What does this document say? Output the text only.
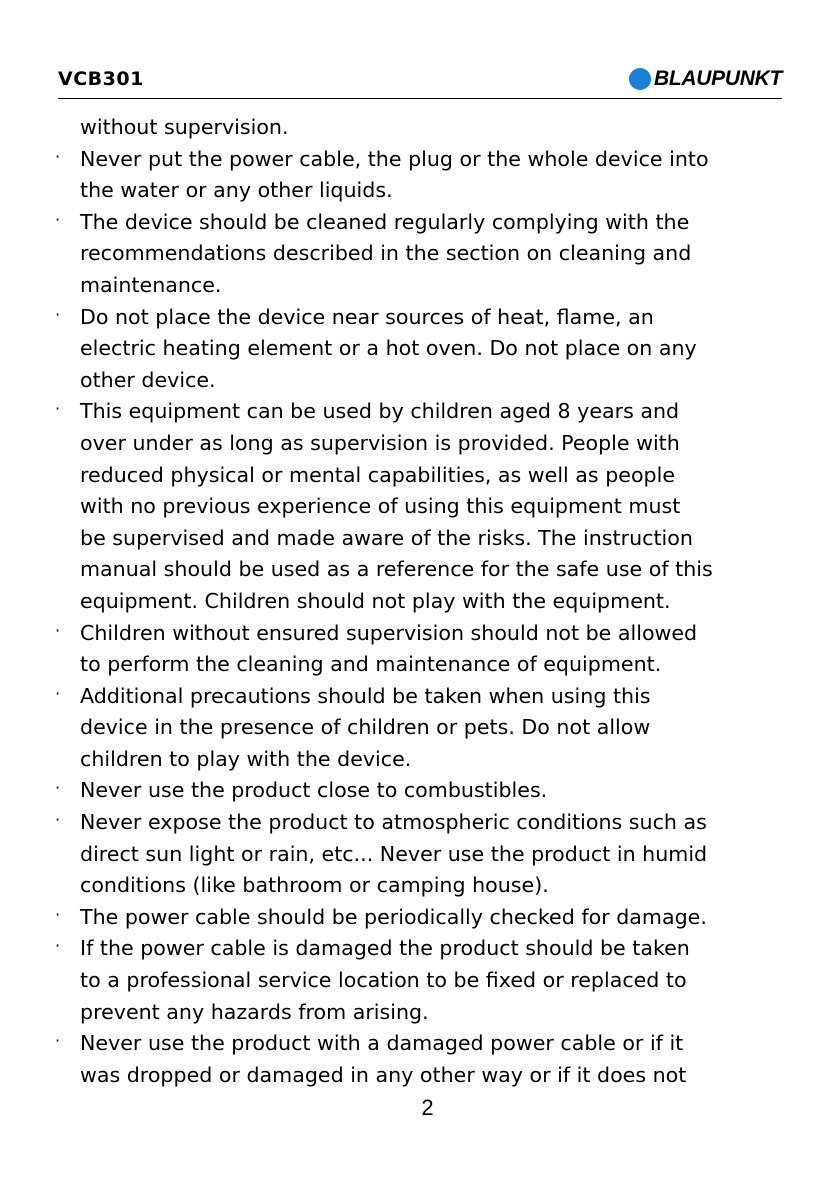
VCB301	BLAUPUNKT
without supervision.
· Never put the power cable, the plug or the whole device into
the water or any other liquids.
· The device should be cleaned regularly complying with the
recommendations described in the section on cleaning and
maintenance.
· Do not place the device near sources of heat, flame, an
electric heating element or a hot oven. Do not place on any
other device.
· This equipment can be used by children aged 8 years and
over under as long as supervision is provided. People with
reduced physical or mental capabilities, as well as people
with no previous experience of using this equipment must
be supervised and made aware of the risks. The instruction
manual should be used as a reference for the safe use of this
equipment. Children should not play with the equipment.
· Children without ensured supervision should not be allowed
to perform the cleaning and maintenance of equipment.
· Additional precautions should be taken when using this
device in the presence of children or pets. Do not allow
children to play with the device.
· Never use the product close to combustibles.
· Never expose the product to atmospheric conditions such as
direct sun light or rain, etc... Never use the product in humid
conditions (like bathroom or camping house).
· The power cable should be periodically checked for damage.
· If the power cable is damaged the product should be taken
to a professional service location to be fixed or replaced to
prevent any hazards from arising.
· Never use the product with a damaged power cable or if it
was dropped or damaged in any other way or if it does not
2
